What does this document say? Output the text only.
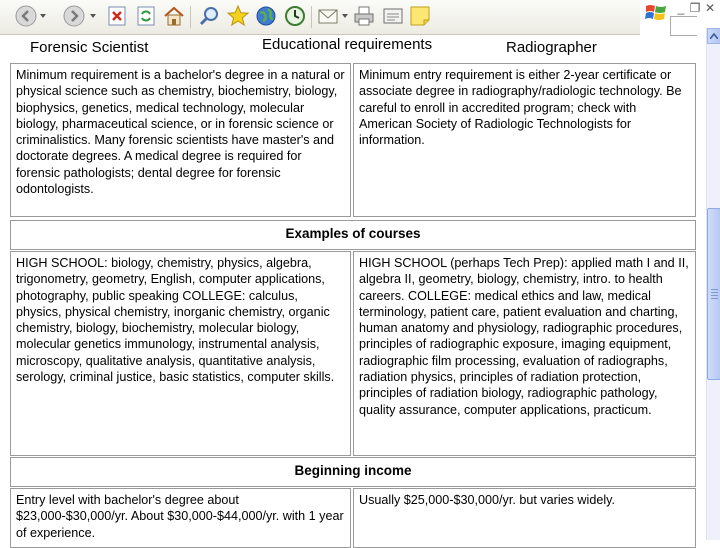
_ ❐ ✕
Forensic Scientist	Educational requirements	Radiographer
Minimum requirement is a bachelor's degree in a natural or physical science such as chemistry, biochemistry, biology, biophysics, genetics, medical technology, molecular biology, pharmaceutical science, or in forensic science or criminalistics. Many forensic scientists have master's and doctorate degrees. A medical degree is required for forensic pathologists; dental degree for forensic odontologists.
Minimum entry requirement is either 2-year certificate or associate degree in radiography/radiologic technology. Be careful to enroll in accredited program; check with American Society of Radiologic Technologists for information.
Examples of courses
HIGH SCHOOL: biology, chemistry, physics, algebra, trigonometry, geometry, English, computer applications, photography, public speaking COLLEGE: calculus, physics, physical chemistry, inorganic chemistry, organic chemistry, biology, biochemistry, molecular biology, molecular genetics immunology, instrumental analysis, microscopy, qualitative analysis, quantitative analysis, serology, criminal justice, basic statistics, computer skills.
HIGH SCHOOL (perhaps Tech Prep): applied math I and II, algebra II, geometry, biology, chemistry, intro. to health careers. COLLEGE: medical ethics and law, medical terminology, patient care, patient evaluation and charting, human anatomy and physiology, radiographic procedures, principles of radiographic exposure, imaging equipment, radiographic film processing, evaluation of radiographs, radiation physics, principles of radiation protection, principles of radiation biology, radiographic pathology, quality assurance, computer applications, practicum.
Beginning income
Entry level with bachelor's degree about $23,000-$30,000/yr. About $30,000-$44,000/yr. with 1 year of experience.
Usually $25,000-$30,000/yr. but varies widely.
